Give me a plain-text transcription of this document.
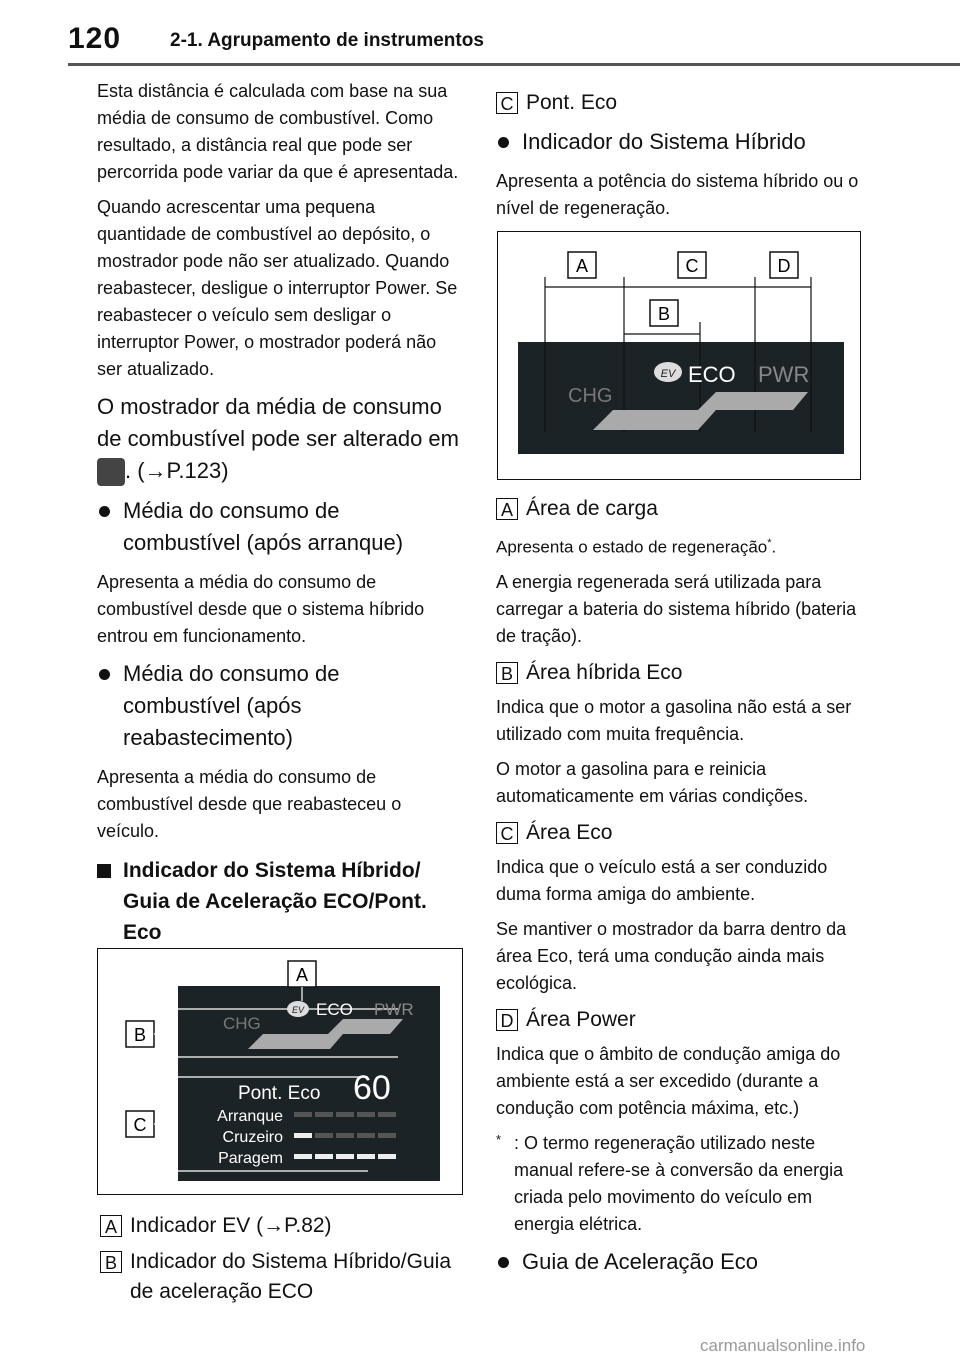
120	2-1. Agrupamento de instrumentos

Esta distância é calculada com base na sua média de consumo de combustível. Como resultado, a distância real que pode ser percorrida pode variar da que é apresentada.

Quando acrescentar uma pequena quantidade de combustível ao depósito, o mostrador pode não ser atualizado. Quando reabastecer, desligue o interruptor Power. Se reabastecer o veículo sem desligar o interruptor Power, o mostrador poderá não ser atualizado.

O mostrador da média de consumo de combustível pode ser alterado em . (→P.123)
Média do consumo de combustível (após arranque)

Apresenta a média do consumo de combustível desde que o sistema híbrido entrou em funcionamento.

Média do consumo de combustível (após reabastecimento)

Apresenta a média do consumo de combustível desde que reabasteceu o veículo.

Indicador do Sistema Híbrido/ Guia de Aceleração ECO/Pont. Eco
A
B
C
CHG
EV ECO PWR
Pont. Eco 60
Arranque
Cruzeiro
Paragem
A Indicador EV (→P.82)
B Indicador do Sistema Híbrido/Guia de aceleração ECO
C Pont. Eco
Indicador do Sistema Híbrido

Apresenta a potência do sistema híbrido ou o nível de regeneração.

A	C	D
B
CHG
EV ECO PWR
A Área de carga

Apresenta o estado de regeneração*.

A energia regenerada será utilizada para carregar a bateria do sistema híbrido (bateria de tração).

B Área híbrida Eco

Indica que o motor a gasolina não está a ser utilizado com muita frequência.

O motor a gasolina para e reinicia automaticamente em várias condições.

C Área Eco

Indica que o veículo está a ser conduzido duma forma amiga do ambiente.

Se mantiver o mostrador da barra dentro da área Eco, terá uma condução ainda mais ecológica.

D Área Power

Indica que o âmbito de condução amiga do ambiente está a ser excedido (durante a condução com potência máxima, etc.)

* : O termo regeneração utilizado neste manual refere-se à conversão da energia criada pelo movimento do veículo em energia elétrica.
Guia de Aceleração Eco
carmanualsonline.info
